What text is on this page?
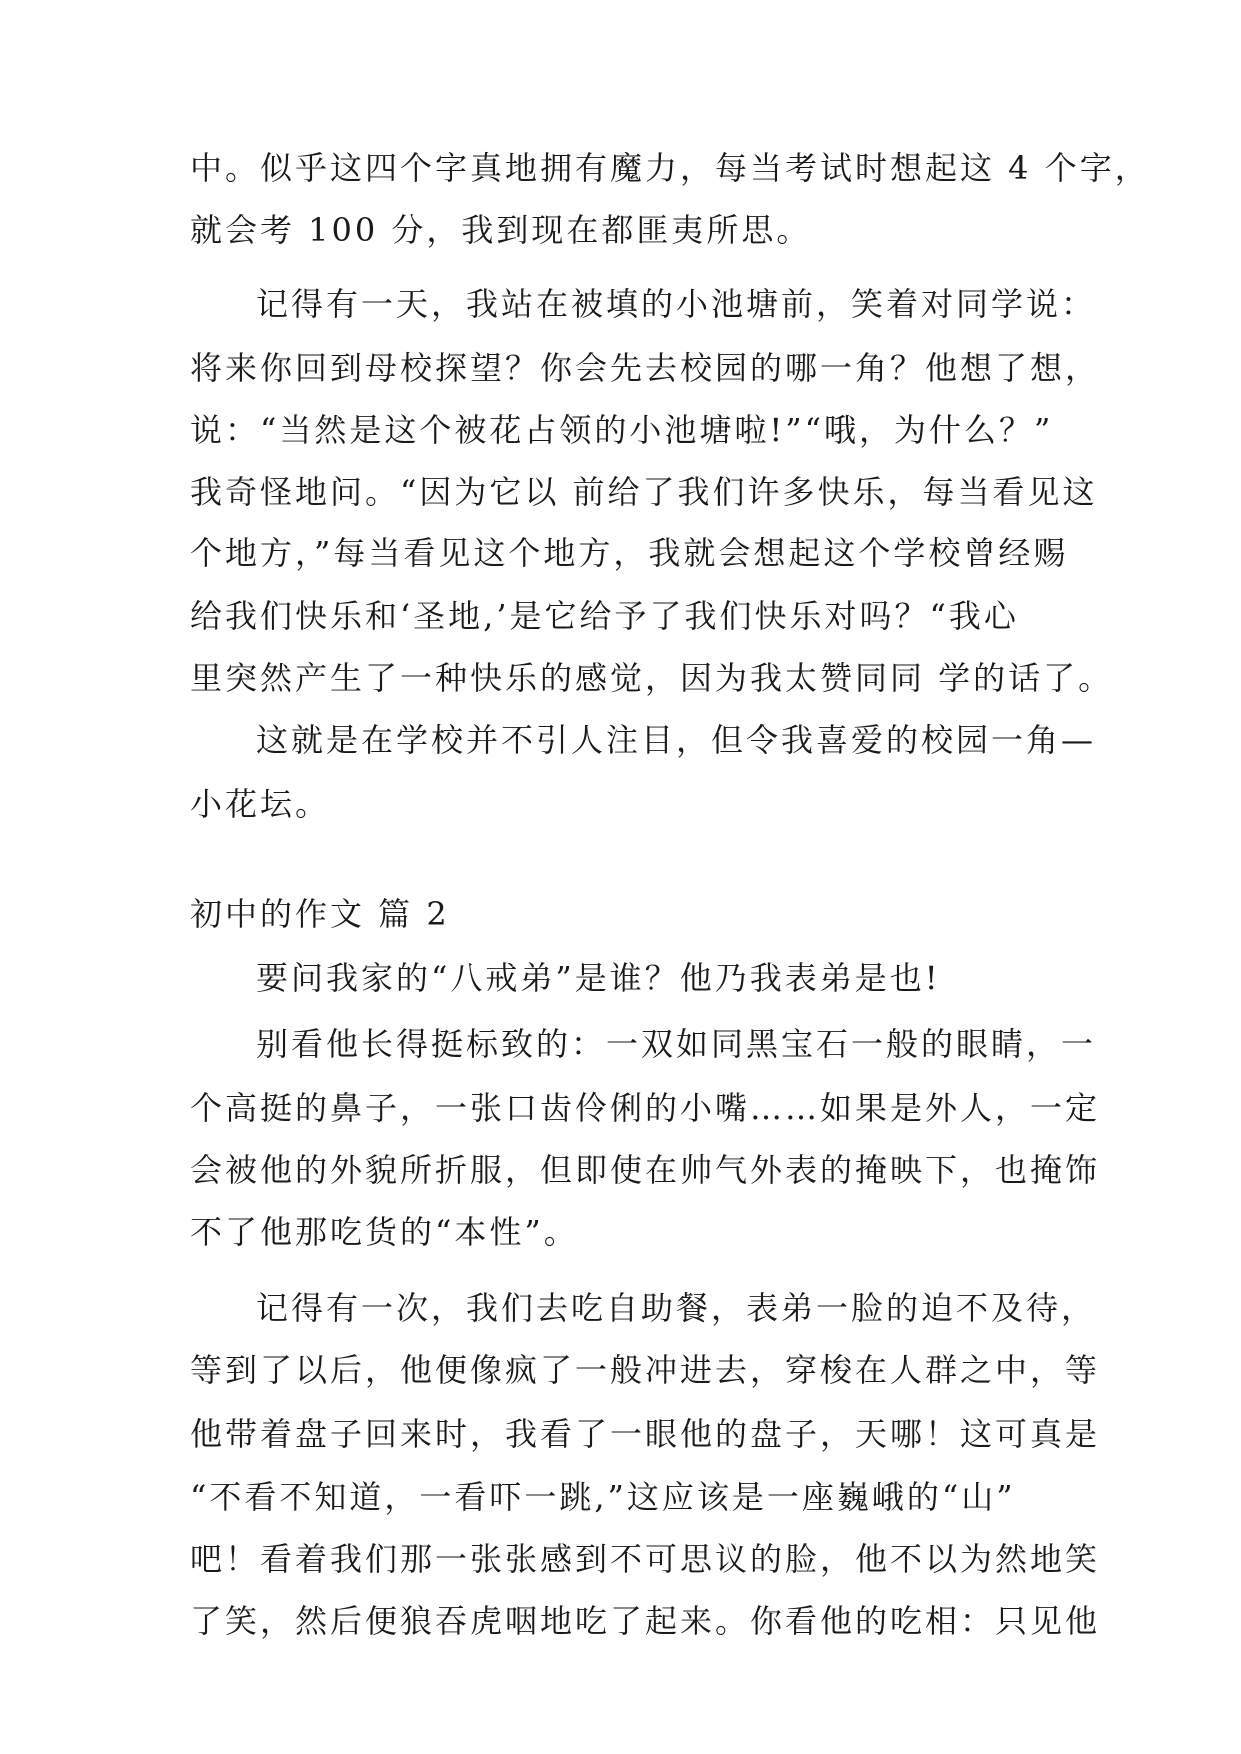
中。似乎这四个字真地拥有魔力，每当考试时想起这 4 个字，
就会考 100 分，我到现在都匪夷所思。
记得有一天，我站在被填的小池塘前，笑着对同学说：
将来你回到母校探望？你会先去校园的哪一角？他想了想，
说：“当然是这个被花占领的小池塘啦!”“哦，为什么？”
我奇怪地问。“因为它以 前给了我们许多快乐，每当看见这
个地方，”每当看见这个地方，我就会想起这个学校曾经赐
给我们快乐和‘圣地,’是它给予了我们快乐对吗？“我心
里突然产生了一种快乐的感觉，因为我太赞同同 学的话了。
这就是在学校并不引人注目，但令我喜爱的校园一角—
小花坛。
初中的作文 篇 2
要问我家的“八戒弟”是谁？他乃我表弟是也!
别看他长得挺标致的：一双如同黑宝石一般的眼睛，一
个高挺的鼻子，一张口齿伶俐的小嘴……如果是外人，一定
会被他的外貌所折服，但即使在帅气外表的掩映下，也掩饰
不了他那吃货的“本性”。
记得有一次，我们去吃自助餐，表弟一脸的迫不及待，
等到了以后，他便像疯了一般冲进去，穿梭在人群之中，等
他带着盘子回来时，我看了一眼他的盘子，天哪！这可真是
“不看不知道，一看吓一跳,”这应该是一座巍峨的“山”
吧！看着我们那一张张感到不可思议的脸，他不以为然地笑
了笑，然后便狼吞虎咽地吃了起来。你看他的吃相：只见他
